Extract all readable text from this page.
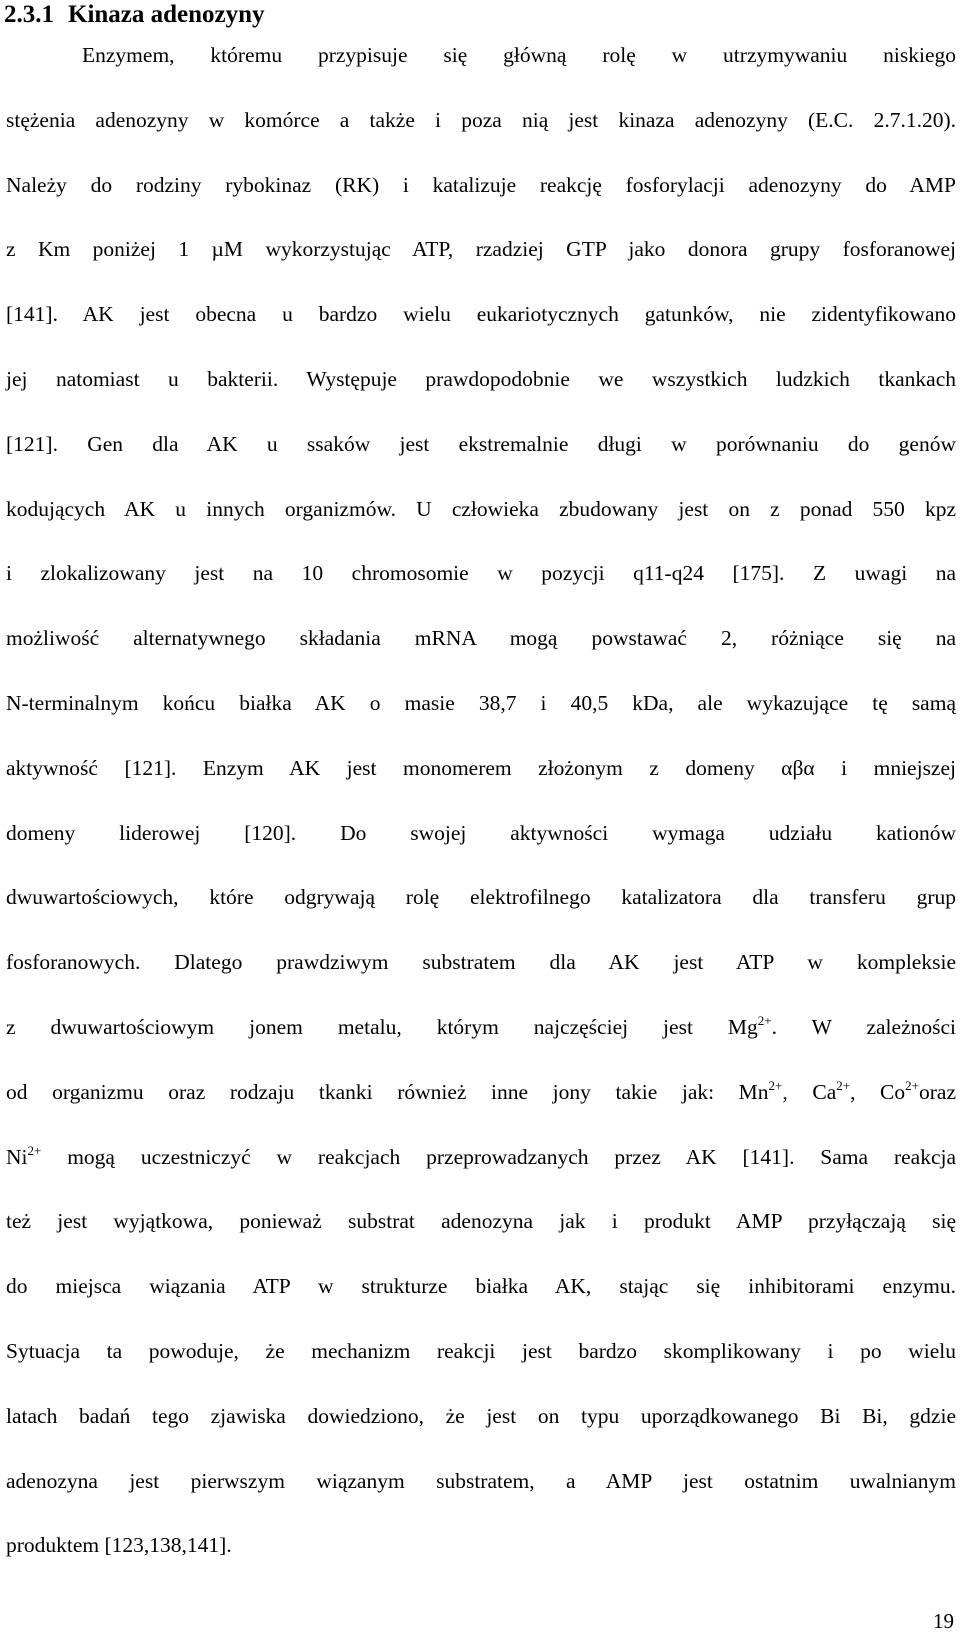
2.3.1 Kinaza adenozyny
Enzymem, któremu przypisuje się główną rolę w utrzymywaniu niskiego
stężenia adenozyny w komórce a także i poza nią jest kinaza adenozyny (E.C. 2.7.1.20).
Należy do rodziny rybokinaz (RK) i katalizuje reakcję fosforylacji adenozyny do AMP
z Km poniżej 1 µM wykorzystując ATP, rzadziej GTP jako donora grupy fosforanowej
[141]. AK jest obecna u bardzo wielu eukariotycznych gatunków, nie zidentyfikowano
jej natomiast u bakterii. Występuje prawdopodobnie we wszystkich ludzkich tkankach
[121]. Gen dla AK u ssaków jest ekstremalnie długi w porównaniu do genów
kodujących AK u innych organizmów. U człowieka zbudowany jest on z ponad 550 kpz
i zlokalizowany jest na 10 chromosomie w pozycji q11-q24 [175]. Z uwagi na
możliwość alternatywnego składania mRNA mogą powstawać 2, różniące się na
N-terminalnym końcu białka AK o masie 38,7 i 40,5 kDa, ale wykazujące tę samą
aktywność [121]. Enzym AK jest monomerem złożonym z domeny αβα i mniejszej
domeny liderowej [120]. Do swojej aktywności wymaga udziału kationów
dwuwartościowych, które odgrywają rolę elektrofilnego katalizatora dla transferu grup
fosforanowych. Dlatego prawdziwym substratem dla AK jest ATP w kompleksie
z dwuwartościowym jonem metalu, którym najczęściej jest $Mg^{2+}$. W zależności
od organizmu oraz rodzaju tkanki również inne jony takie jak: $Mn^{2+}$, $Ca^{2+}$, $Co^{2+}oraz$
$Ni^{2+}$ mogą uczestniczyć w reakcjach przeprowadzanych przez AK [141]. Sama reakcja
też jest wyjątkowa, ponieważ substrat adenozyna jak i produkt AMP przyłączają się
do miejsca wiązania ATP w strukturze białka AK, stając się inhibitorami enzymu.
Sytuacja ta powoduje, że mechanizm reakcji jest bardzo skomplikowany i po wielu
latach badań tego zjawiska dowiedziono, że jest on typu uporządkowanego Bi Bi, gdzie
adenozyna jest pierwszym wiązanym substratem, a AMP jest ostatnim uwalnianym
produktem [123,138,141].
19
